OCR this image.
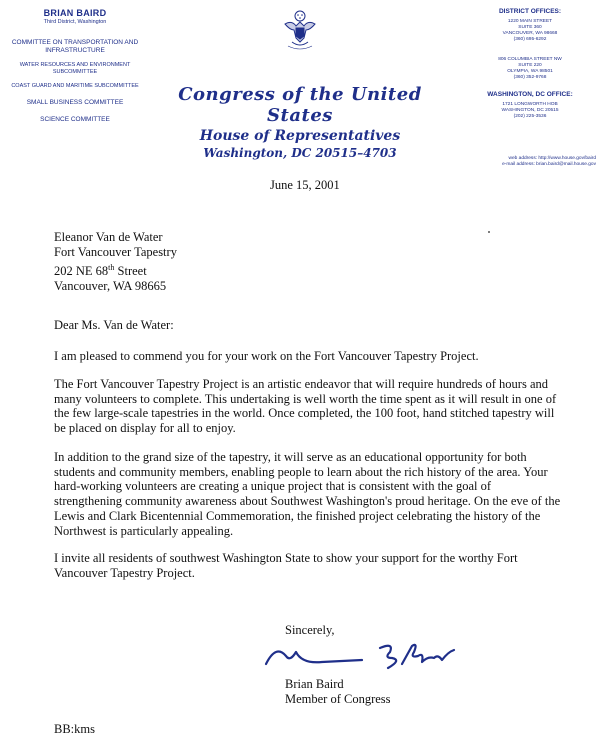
BRIAN BAIRD
Third District, Washington
COMMITTEE ON TRANSPORTATION AND INFRASTRUCTURE
WATER RESOURCES AND ENVIRONMENT SUBCOMMITTEE
COAST GUARD AND MARITIME SUBCOMMITTEE
SMALL BUSINESS COMMITTEE
SCIENCE COMMITTEE
Congress of the United States
House of Representatives
Washington, DC 20515–4703
DISTRICT OFFICES:
1220 MAIN STREET
SUITE 360
VANCOUVER, WA 98668
(360) 695-6292
806 COLUMBIA STREET NW
SUITE 220
OLYMPIA, WA 98501
(360) 352-9768
WASHINGTON, DC OFFICE:
1721 LONGWORTH HOB
WASHINGTON, DC 20515
(202) 225-3536
web address: http://www.house.gov/baird
e-mail address: brian.baird@mail.house.gov
June 15, 2001
Eleanor Van de Water
Fort Vancouver Tapestry
202 NE 68th Street
Vancouver, WA 98665
Dear Ms. Van de Water:
I am pleased to commend you for your work on the Fort Vancouver Tapestry Project.
The Fort Vancouver Tapestry Project is an artistic endeavor that will require hundreds of hours and many volunteers to complete. This undertaking is well worth the time spent as it will result in one of the few large-scale tapestries in the world. Once completed, the 100 foot, hand stitched tapestry will be placed on display for all to enjoy.
In addition to the grand size of the tapestry, it will serve as an educational opportunity for both students and community members, enabling people to learn about the rich history of the area. Your hard-working volunteers are creating a unique project that is consistent with the goal of strengthening community awareness about Southwest Washington's proud heritage. On the eve of the Lewis and Clark Bicentennial Commemoration, the finished project celebrating the history of the Northwest is particularly appealing.
I invite all residents of southwest Washington State to show your support for the worthy Fort Vancouver Tapestry Project.
Sincerely,
Brian Baird
Member of Congress
BB:kms
